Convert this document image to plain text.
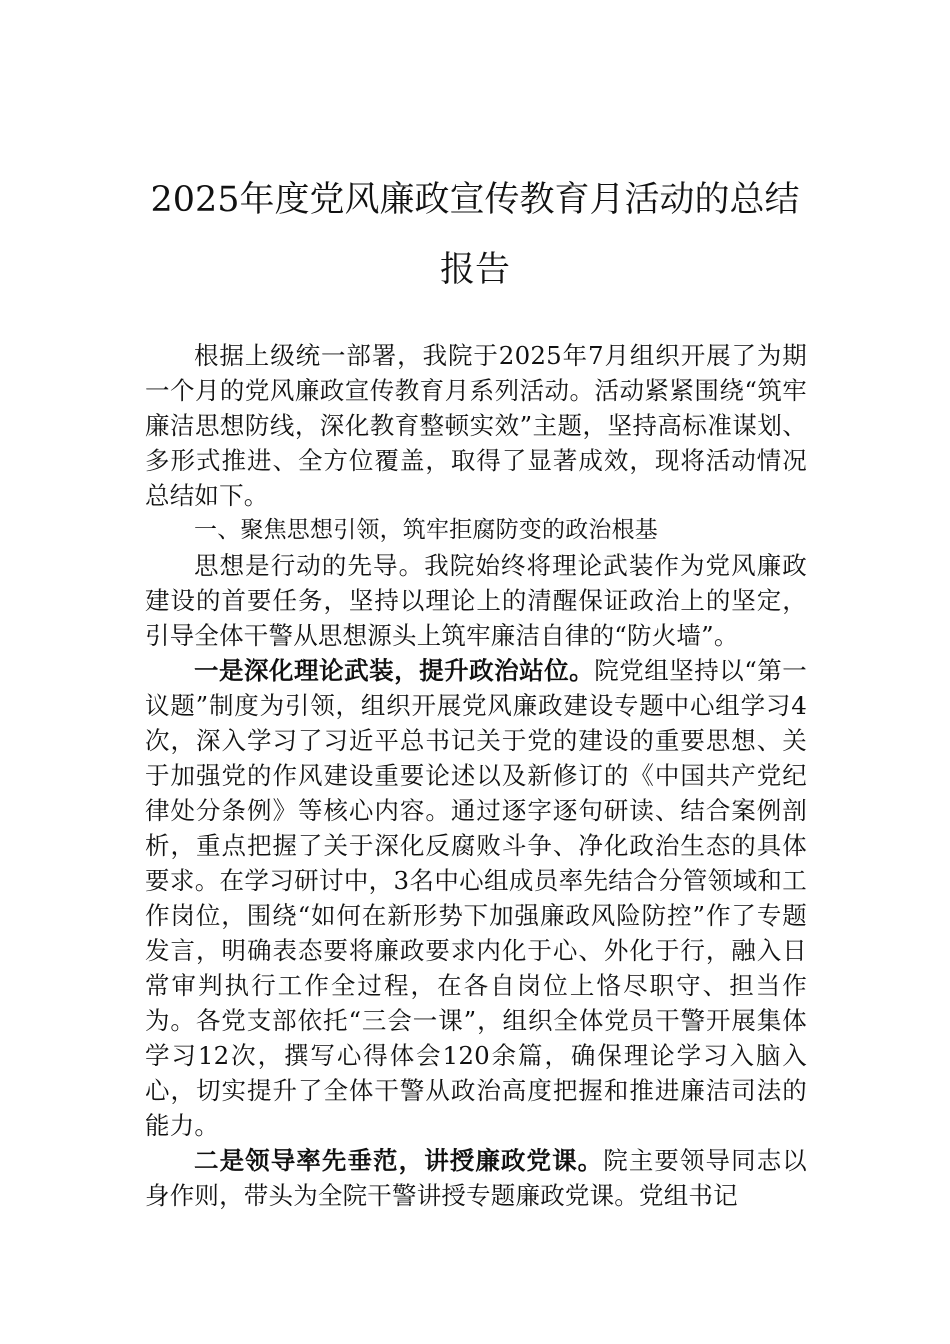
2025年度党风廉政宣传教育月活动的总结
报告

根据上级统一部署，我院于2025年7月组织开展了为期一个月的党风廉政宣传教育月系列活动。活动紧紧围绕“筑牢廉洁思想防线，深化教育整顿实效”主题，坚持高标准谋划、多形式推进、全方位覆盖，取得了显著成效，现将活动情况总结如下。

一、聚焦思想引领，筑牢拒腐防变的政治根基

思想是行动的先导。我院始终将理论武装作为党风廉政建设的首要任务，坚持以理论上的清醒保证政治上的坚定，引导全体干警从思想源头上筑牢廉洁自律的“防火墙”。

一是深化理论武装，提升政治站位。院党组坚持以“第一议题”制度为引领，组织开展党风廉政建设专题中心组学习4次，深入学习了习近平总书记关于党的建设的重要思想、关于加强党的作风建设重要论述以及新修订的《中国共产党纪律处分条例》等核心内容。通过逐字逐句研读、结合案例剖析，重点把握了关于深化反腐败斗争、净化政治生态的具体要求。在学习研讨中，3名中心组成员率先结合分管领域和工作岗位，围绕“如何在新形势下加强廉政风险防控”作了专题发言，明确表态要将廉政要求内化于心、外化于行，融入日常审判执行工作全过程，在各自岗位上恪尽职守、担当作为。各党支部依托“三会一课”，组织全体党员干警开展集体学习12次，撰写心得体会120余篇，确保理论学习入脑入心，切实提升了全体干警从政治高度把握和推进廉洁司法的能力。

二是领导率先垂范，讲授廉政党课。院主要领导同志以身作则，带头为全院干警讲授专题廉政党课。党组书记
